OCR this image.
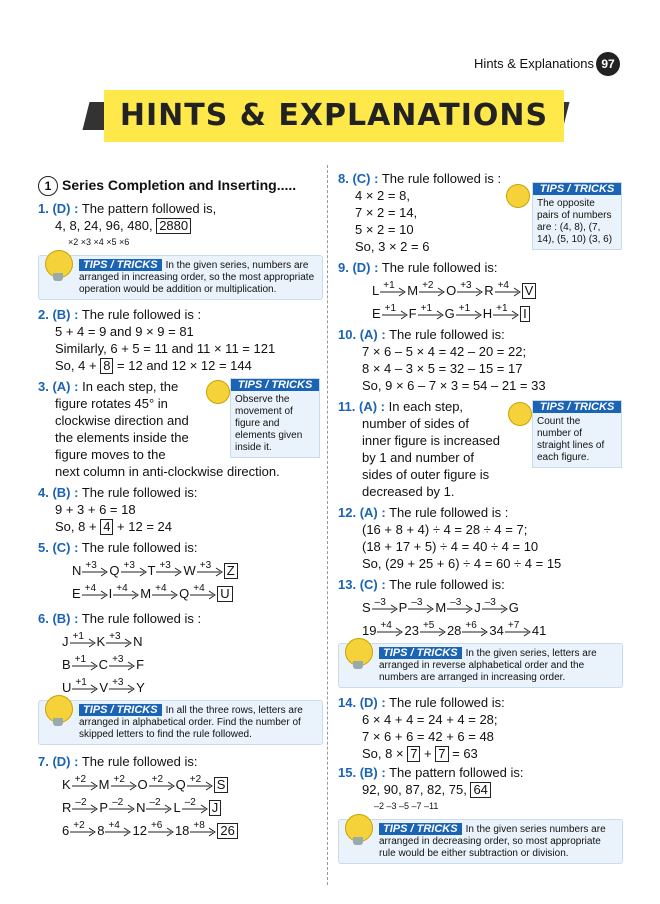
Hints & Explanations 97
HINTS & EXPLANATIONS
1 Series Completion and Inserting.....
1. (D) : The pattern followed is,
4, 8, 24, 96, 480, 2880
×2 ×3 ×4 ×5 ×6
TIPS / TRICKS In the given series, numbers are arranged in increasing order, so the most appropriate operation would be addition or multiplication.
2. (B) : The rule followed is :
5 + 4 = 9 and 9 × 9 = 81
Similarly, 6 + 5 = 11 and 11 × 11 = 121
So, 4 + 8 = 12 and 12 × 12 = 144
3. (A) : In each step, the
figure rotates 45° in
clockwise direction and
the elements inside the
figure moves to the
next column in anti-clockwise direction.
TIPS / TRICKS
Observe the movement of figure and elements given inside it.
4. (B) : The rule followed is:
9 + 3 + 6 = 18
So, 8 + 4 + 12 = 24
5. (C) : The rule followed is:
N +3 Q +3 T +3 W +3 Z
E +4 I +4 M +4 Q +4 U
6. (B) : The rule followed is :
J +1 K +3 N
B +1 C +3 F
U +1 V +3 Y
TIPS / TRICKS In all the three rows, letters are arranged in alphabetical order. Find the number of skipped letters to find the rule followed.
7. (D) : The rule followed is:
K +2 M +2 O +2 Q +2 S
R –2 P –2 N –2 L –2 J
6 +2 8 +4 12 +6 18 +8 26
8. (C) : The rule followed is :
4 × 2 = 8,
7 × 2 = 14,
5 × 2 = 10
So, 3 × 2 = 6
TIPS / TRICKS
The opposite pairs of numbers are : (4, 8), (7, 14), (5, 10) (3, 6)
9. (D) : The rule followed is:
L +1 M +2 O +3 R +4 V
E +1 F +1 G +1 H +1 I
10. (A) : The rule followed is:
7 × 6 – 5 × 4 = 42 – 20 = 22;
8 × 4 – 3 × 5 = 32 – 15 = 17
So, 9 × 6 – 7 × 3 = 54 – 21 = 33
11. (A) : In each step,
number of sides of
inner figure is increased
by 1 and number of
sides of outer figure is
decreased by 1.
TIPS / TRICKS
Count the number of straight lines of each figure.
12. (A) : The rule followed is :
(16 + 8 + 4) ÷ 4 = 28 ÷ 4 = 7;
(18 + 17 + 5) ÷ 4 = 40 ÷ 4 = 10
So, (29 + 25 + 6) ÷ 4 = 60 ÷ 4 = 15
13. (C) : The rule followed is:
S –3 P –3 M –3 J –3 G
19 +4 23 +5 28 +6 34 +7 41
TIPS / TRICKS In the given series, letters are arranged in reverse alphabetical order and the numbers are arranged in increasing order.
14. (D) : The rule followed is:
6 × 4 + 4 = 24 + 4 = 28;
7 × 6 + 6 = 42 + 6 = 48
So, 8 × 7 + 7 = 63
15. (B) : The pattern followed is:
92, 90, 87, 82, 75, 64
–2 –3 –5 –7 –11
TIPS / TRICKS In the given series numbers are arranged in decreasing order, so most appropriate rule would be either subtraction or division.
